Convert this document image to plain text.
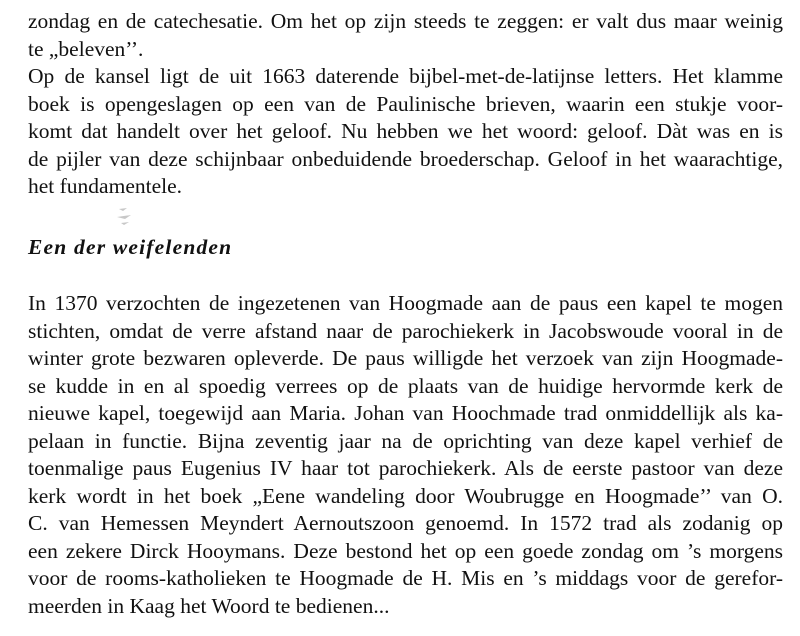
zondag en de catechesatie. Om het op zijn steeds te zeggen: er valt dus maar weinig
te „beleven’’.
Op de kansel ligt de uit 1663 daterende bijbel-met-de-latijnse letters. Het klamme
boek is opengeslagen op een van de Paulinische brieven, waarin een stukje voor-
komt dat handelt over het geloof. Nu hebben we het woord: geloof. Dàt was en is
de pijler van deze schijnbaar onbeduidende broederschap. Geloof in het waarachtige,
het fundamentele.
Een der weifelenden
In 1370 verzochten de ingezetenen van Hoogmade aan de paus een kapel te mogen
stichten, omdat de verre afstand naar de parochiekerk in Jacobswoude vooral in de
winter grote bezwaren opleverde. De paus willigde het verzoek van zijn Hoogmade-
se kudde in en al spoedig verrees op de plaats van de huidige hervormde kerk de
nieuwe kapel, toegewijd aan Maria. Johan van Hoochmade trad onmiddellijk als ka-
pelaan in functie. Bijna zeventig jaar na de oprichting van deze kapel verhief de
toenmalige paus Eugenius IV haar tot parochiekerk. Als de eerste pastoor van deze
kerk wordt in het boek „Eene wandeling door Woubrugge en Hoogmade’’ van O.
C. van Hemessen Meyndert Aernoutszoon genoemd. In 1572 trad als zodanig op
een zekere Dirck Hooymans. Deze bestond het op een goede zondag om ’s morgens
voor de rooms-katholieken te Hoogmade de H. Mis en ’s middags voor de gerefor-
meerden in Kaag het Woord te bedienen...
